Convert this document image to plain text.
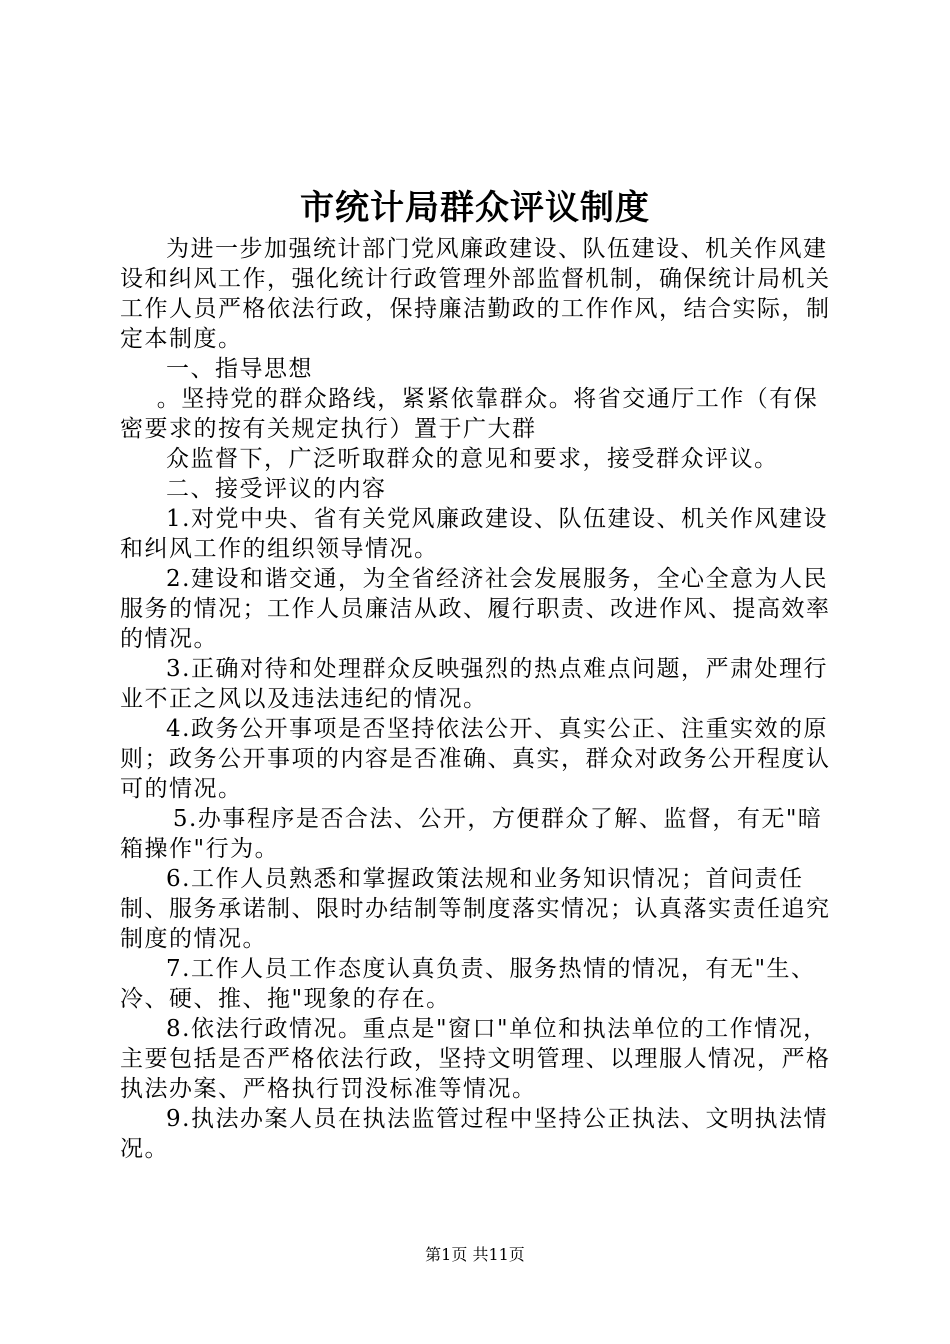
市统计局群众评议制度

为进一步加强统计部门党风廉政建设、队伍建设、机关作风建设和纠风工作，强化统计行政管理外部监督机制，确保统计局机关工作人员严格依法行政，保持廉洁勤政的工作作风，结合实际，制定本制度。

一、指导思想

。坚持党的群众路线，紧紧依靠群众。将省交通厅工作（有保密要求的按有关规定执行）置于广大群

众监督下，广泛听取群众的意见和要求，接受群众评议。

二、接受评议的内容

1.对党中央、省有关党风廉政建设、队伍建设、机关作风建设和纠风工作的组织领导情况。

2.建设和谐交通，为全省经济社会发展服务，全心全意为人民服务的情况；工作人员廉洁从政、履行职责、改进作风、提高效率的情况。

3.正确对待和处理群众反映强烈的热点难点问题，严肃处理行业不正之风以及违法违纪的情况。

4.政务公开事项是否坚持依法公开、真实公正、注重实效的原则；政务公开事项的内容是否准确、真实，群众对政务公开程度认可的情况。

5.办事程序是否合法、公开，方便群众了解、监督，有无"暗箱操作"行为。

6.工作人员熟悉和掌握政策法规和业务知识情况；首问责任制、服务承诺制、限时办结制等制度落实情况；认真落实责任追究制度的情况。

7.工作人员工作态度认真负责、服务热情的情况，有无"生、冷、硬、推、拖"现象的存在。

8.依法行政情况。重点是"窗口"单位和执法单位的工作情况，主要包括是否严格依法行政，坚持文明管理、以理服人情况，严格执法办案、严格执行罚没标准等情况。

9.执法办案人员在执法监管过程中坚持公正执法、文明执法情况。

第1页 共11页
